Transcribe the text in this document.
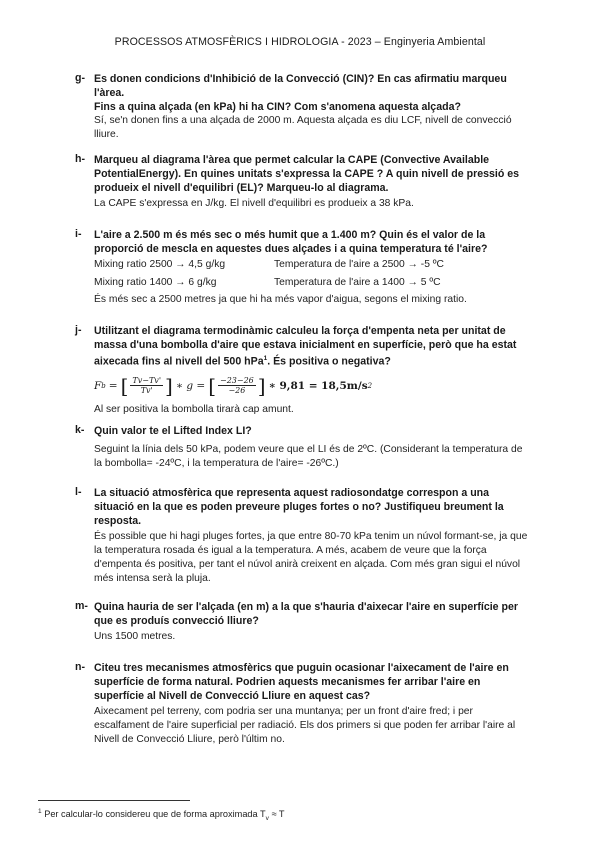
PROCESSOS ATMOSFÈRICS I HIDROLOGIA - 2023 – Enginyeria Ambiental
g- Es donen condicions d'Inhibició de la Convecció (CIN)? En cas afirmatiu marqueu l'àrea.
Fins a quina alçada (en kPa) hi ha CIN? Com s'anomena aquesta alçada?
Sí, se'n donen fins a una alçada de 2000 m. Aquesta alçada es diu LCF, nivell de convecció lliure.
h- Marqueu al diagrama l'àrea que permet calcular la CAPE (Convective Available PotentialEnergy). En quines unitats s'expressa la CAPE ? A quin nivell de pressió es produeix el nivell d'equilibri (EL)? Marqueu-lo al diagrama.
La CAPE s'expressa en J/kg. El nivell d'equilibri es produeix a 38 kPa.
i- L'aire a 2.500 m és més sec o més humit que a 1.400 m? Quin és el valor de la proporció de mescla en aquestes dues alçades i a quina temperatura té l'aire?
Mixing ratio 2500 → 4,5 g/kg	Temperatura de l'aire a 2500 → -5 ºC
Mixing ratio 1400 → 6 g/kg	Temperatura de l'aire a 1400 → 5 ºC
És més sec a 2500 metres ja que hi ha més vapor d'aigua, segons el mixing ratio.
j- Utilitzant el diagrama termodinàmic calculeu la força d'empenta neta per unitat de massa d'una bombolla d'aire que estava inicialment en superfície, però que ha estat aixecada fins al nivell del 500 hPa$^1$. És positiva o negativa?
F b = [ $\frac{Tv-Tv'}{Tv'}$ ] ∗ g = [ $\frac{-23-26}{-26}$ ] ∗ 9,81 = 18,5m/s 2
Al ser positiva la bombolla tirarà cap amunt.
k- Quin valor te el Lifted Index LI?
Seguint la línia dels 50 kPa, podem veure que el LI és de 2ºC. (Considerant la temperatura de la bombolla= -24ºC, i la temperatura de l'aire= -26ºC.)
l- La situació atmosfèrica que representa aquest radiosondatge correspon a una situació en la que es poden preveure pluges fortes o no? Justifiqueu breument la resposta.
És possible que hi hagi pluges fortes, ja que entre 80-70 kPa tenim un núvol formant-se, ja que la temperatura rosada és igual a la temperatura. A més, acabem de veure que la força d'empenta és positiva, per tant el núvol anirà creixent en alçada. Com més gran sigui el núvol més intensa serà la pluja.
m- Quina hauria de ser l'alçada (en m) a la que s'hauria d'aixecar l'aire en superfície per que es produís convecció lliure?
Uns 1500 metres.
n- Citeu tres mecanismes atmosfèrics que puguin ocasionar l'aixecament de l'aire en superfície de forma natural. Podrien aquests mecanismes fer arribar l'aire en superfície al Nivell de Convecció Lliure en aquest cas?
Aixecament pel terreny, com podria ser una muntanya; per un front d'aire fred; i per escalfament de l'aire superficial per radiació. Els dos primers si que poden fer arribar l'aire al Nivell de Convecció Lliure, però l'últim no.
$^1$ Per calcular-lo considereu que de forma aproximada $T_v \approx T$
